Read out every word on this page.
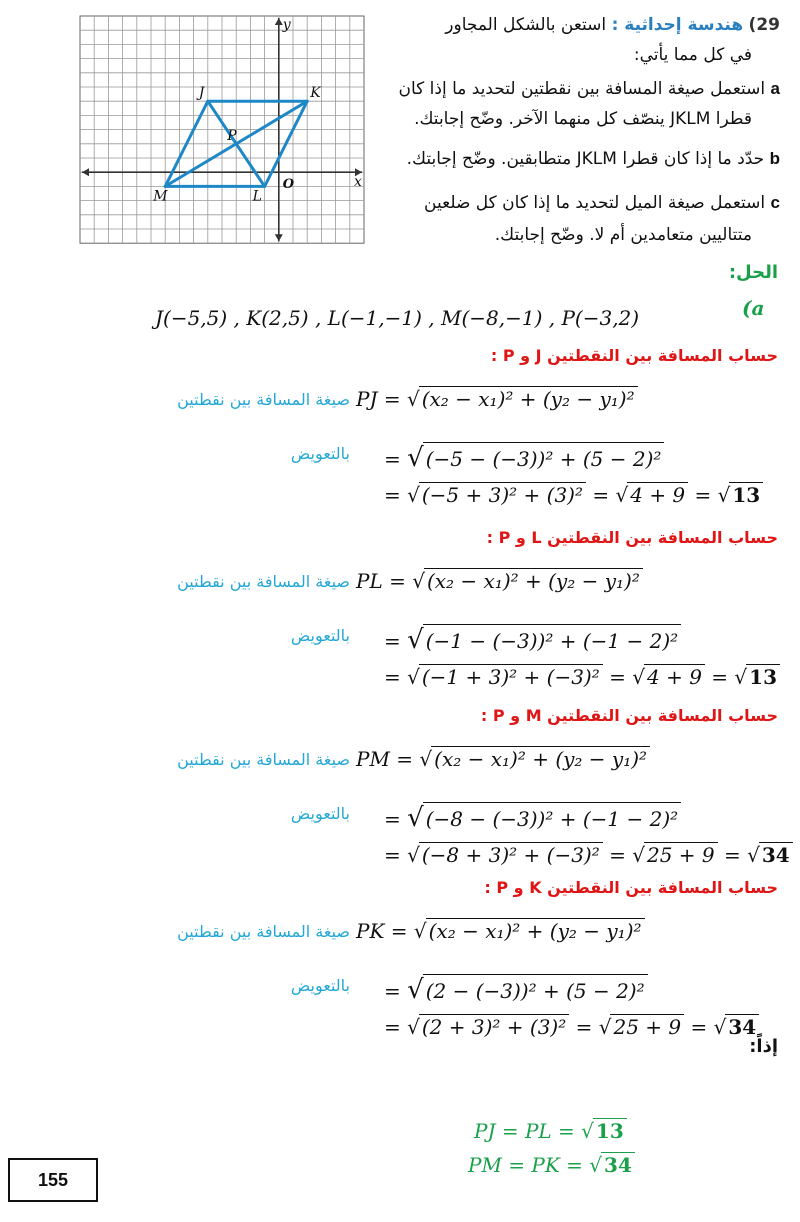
J	K
L
M
P
O	x
y	29) هندسة إحداثية : استعن بالشكل المجاور
في كل مما يأتي:
a استعمل صيغة المسافة بين نقطتين لتحديد ما إذا كان
قطرا JKLM ينصّف كل منهما الآخر. وضّح إجابتك.
b حدّد ما إذا كان قطرا JKLM متطابقين. وضّح إجابتك.
c استعمل صيغة الميل لتحديد ما إذا كان كل ضلعين
متتاليين متعامدين أم لا. وضّح إجابتك.
الحل:
(a
J(−5,5) , K(2,5) , L(−1,−1) , M(−8,−1) , P(−3,2)
حساب المسافة بين النقطتين J و P :
صيغة المسافة بين نقطتين PJ = √ (x₂ − x₁)² + (y₂ − y₁)²
بالتعويض = √ (−5 − (−3))² + (5 − 2)²
= √ (−5 + 3)² + (3)² = √ 4 + 9 = √ 13
حساب المسافة بين النقطتين L و P :
صيغة المسافة بين نقطتين PL = √ (x₂ − x₁)² + (y₂ − y₁)²
بالتعويض = √ (−1 − (−3))² + (−1 − 2)²
= √ (−1 + 3)² + (−3)² = √ 4 + 9 = √ 13
حساب المسافة بين النقطتين M و P :
صيغة المسافة بين نقطتين PM = √ (x₂ − x₁)² + (y₂ − y₁)²
بالتعويض = √ (−8 − (−3))² + (−1 − 2)²
= √ (−8 + 3)² + (−3)² = √ 25 + 9 = √ 34
حساب المسافة بين النقطتين K و P :
صيغة المسافة بين نقطتين PK = √ (x₂ − x₁)² + (y₂ − y₁)²
بالتعويض = √ (2 − (−3))² + (5 − 2)²
= √ (2 + 3)² + (3)² = √ 25 + 9 = √ 34
إذاً:
PJ = PL = √ 13
PM = PK = √ 34
155
